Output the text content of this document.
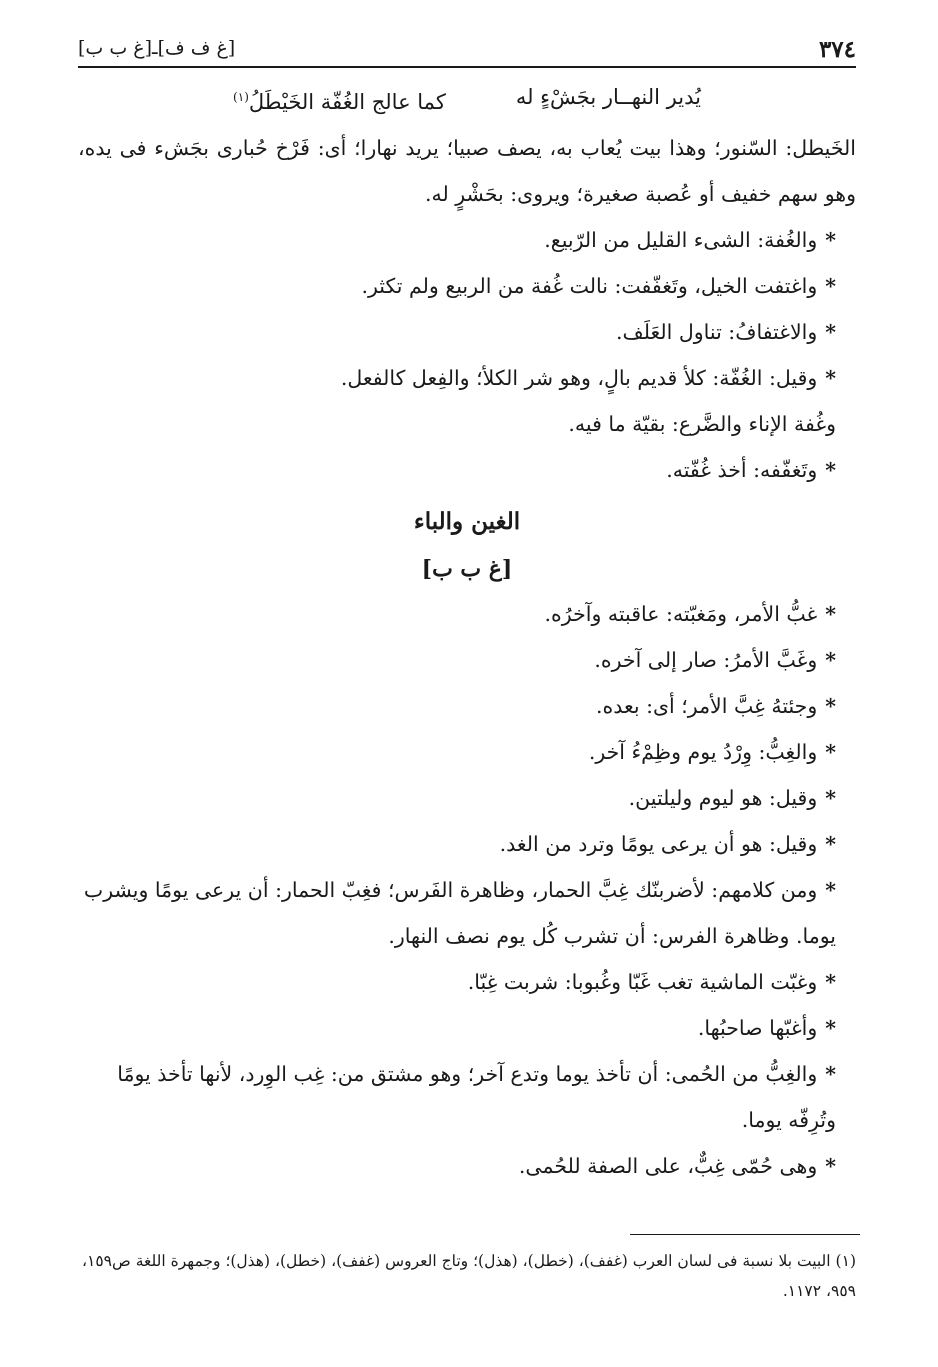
٣٧٤
[غ ف ف]ـ[غ ب ب]
يُدير النهــار بجَشْءٍ له
كما عالج الغُفّة الخَيْطَلُ$^{(١)}$

الخَيطل: السّنور؛ وهذا بيت يُعاب به، يصف صبيا؛ يريد نهارا؛ أى: فَرْخ حُبارى بجَشء فى يده، وهو سهم خفيف أو عُصبة صغيرة؛ ويروى: بحَشْرٍ له.

*والغُفة: الشىء القليل من الرّبيع.

*واغتفت الخيل، وتَغفّفت: نالت غُفة من الربيع ولم تكثر.

*والاغتفافُ: تناول العَلَف.

*وقيل: الغُفّة: كلأ قديم بالٍ، وهو شر الكلأ؛ والفِعل كالفعل.

وغُفة الإناء والضَّرع: بقيّة ما فيه.

*وتَغفّفه: أخذ غُفّته.

الغين والباء
[غ ب ب]

*غبُّ الأمر، ومَغبّته: عاقبته وآخرُه.

*وغَبَّ الأمرُ: صار إلى آخره.

*وجئتهُ غِبَّ الأمر؛ أى: بعده.

*والغِبُّ: وِرْدُ يوم وظِمْءُ آخر.

*وقيل: هو ليوم وليلتين.

*وقيل: هو أن يرعى يومًا وترد من الغد.

*ومن كلامهم: لأضربنّك غِبَّ الحمار، وظاهرة الفَرس؛ فغِبّ الحمار: أن يرعى يومًا ويشرب يوما. وظاهرة الفرس: أن تشرب كُل يوم نصف النهار.

*وغبّت الماشية تغب غَبّا وغُبوبا: شربت غِبّا.

*وأغبّها صاحبُها.

*والغِبُّ من الحُمى: أن تأخذ يوما وتدع آخر؛ وهو مشتق من: غِب الوِرد، لأنها تأخذ يومًا وتُرِفّه يوما.

*وهى حُمّى غِبٌّ، على الصفة للحُمى.

(١) البيت بلا نسبة فى لسان العرب (غفف)، (خطل)، (هذل)؛ وتاج العروس (غفف)، (خطل)، (هذل)؛ وجمهرة اللغة ص١٥٩، ٩٥٩، ١١٧٢.
